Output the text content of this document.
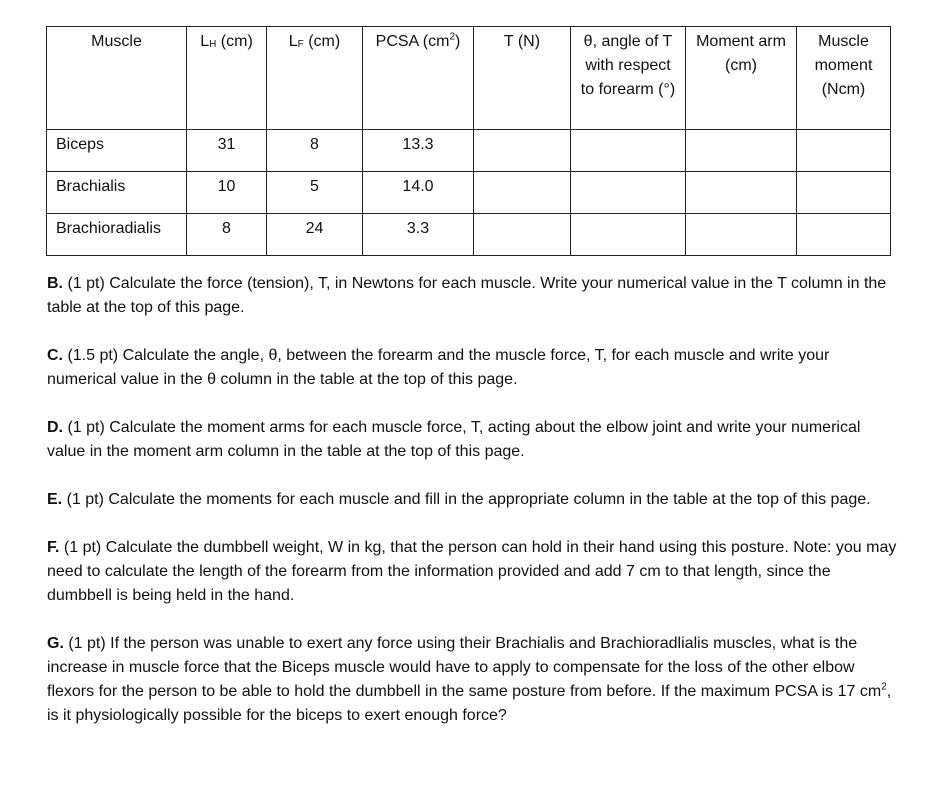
Muscle	LH (cm)	LF (cm)	PCSA $(cm^2)$	T (N)	θ, angle of T with respect to forearm (°)	Moment arm (cm)	Muscle moment (Ncm)
Biceps	31	8	13.3				
Brachialis	10	5	14.0				
Brachioradialis	8	24	3.3				

B. (1 pt) Calculate the force (tension), T, in Newtons for each muscle. Write your numerical value in the T column in the table at the top of this page.

C. (1.5 pt) Calculate the angle, θ, between the forearm and the muscle force, T, for each muscle and write your numerical value in the θ column in the table at the top of this page.

D. (1 pt) Calculate the moment arms for each muscle force, T, acting about the elbow joint and write your numerical value in the moment arm column in the table at the top of this page.

E. (1 pt) Calculate the moments for each muscle and fill in the appropriate column in the table at the top of this page.

F. (1 pt) Calculate the dumbbell weight, W in kg, that the person can hold in their hand using this posture. Note: you may need to calculate the length of the forearm from the information provided and add 7 cm to that length, since the dumbbell is being held in the hand.

G. (1 pt) If the person was unable to exert any force using their Brachialis and Brachioradlialis muscles, what is the increase in muscle force that the Biceps muscle would have to apply to compensate for the loss of the other elbow flexors for the person to be able to hold the dumbbell in the same posture from before. If the maximum PCSA is 17 $cm^2$, is it physiologically possible for the biceps to exert enough force?
